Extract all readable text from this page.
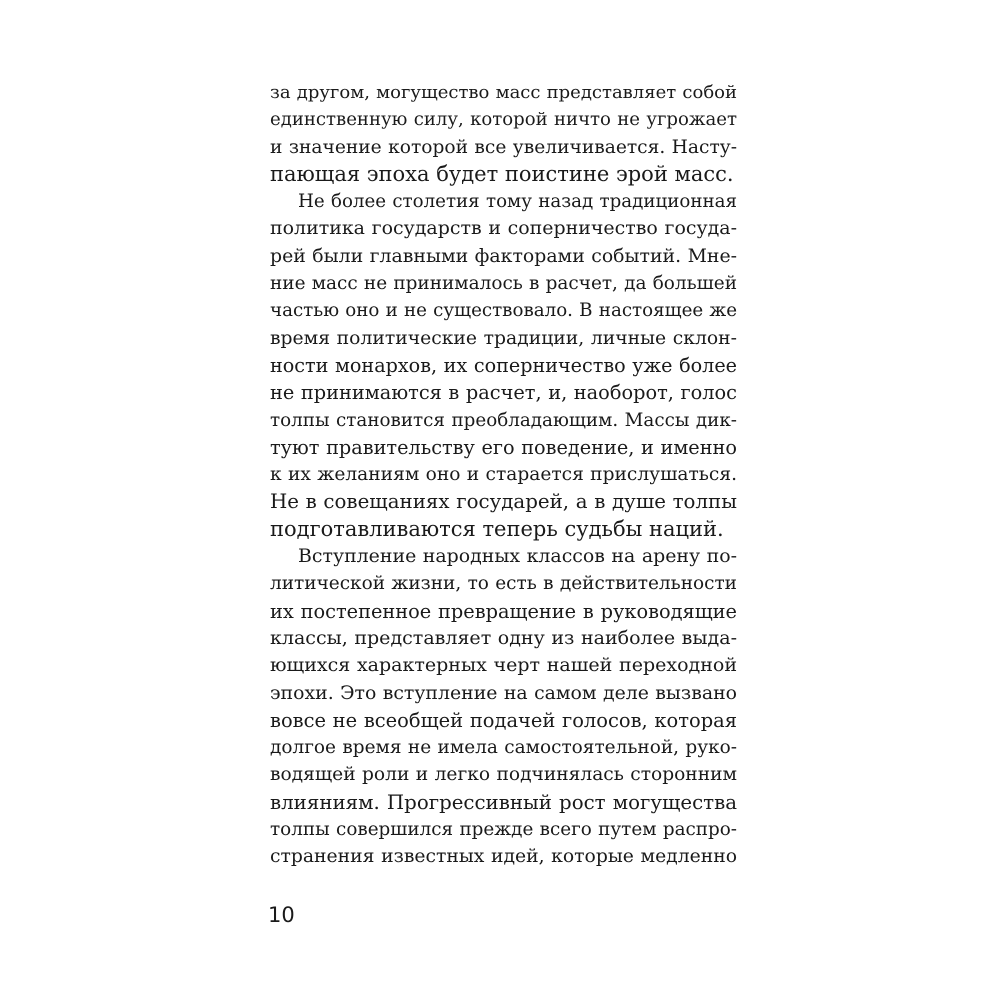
за другом, могущество масс представляет собой
единственную силу, которой ничто не угрожает
и значение которой все увеличивается. Насту-
пающая эпоха будет поистине эрой масс.
Не более столетия тому назад традиционная
политика государств и соперничество госуда-
рей были главными факторами событий. Мне-
ние масс не принималось в расчет, да большей
частью оно и не существовало. В настоящее же
время политические традиции, личные склон-
ности монархов, их соперничество уже более
не принимаются в расчет, и, наоборот, голос
толпы становится преобладающим. Массы дик-
туют правительству его поведение, и именно
к их желаниям оно и старается прислушаться.
Не в совещаниях государей, а в душе толпы
подготавливаются теперь судьбы наций.
Вступление народных классов на арену по-
литической жизни, то есть в действительности
их постепенное превращение в руководящие
классы, представляет одну из наиболее выда-
ющихся характерных черт нашей переходной
эпохи. Это вступление на самом деле вызвано
вовсе не всеобщей подачей голосов, которая
долгое время не имела самостоятельной, руко-
водящей роли и легко подчинялась сторонним
влияниям. Прогрессивный рост могущества
толпы совершился прежде всего путем распро-
странения известных идей, которые медленно
10
